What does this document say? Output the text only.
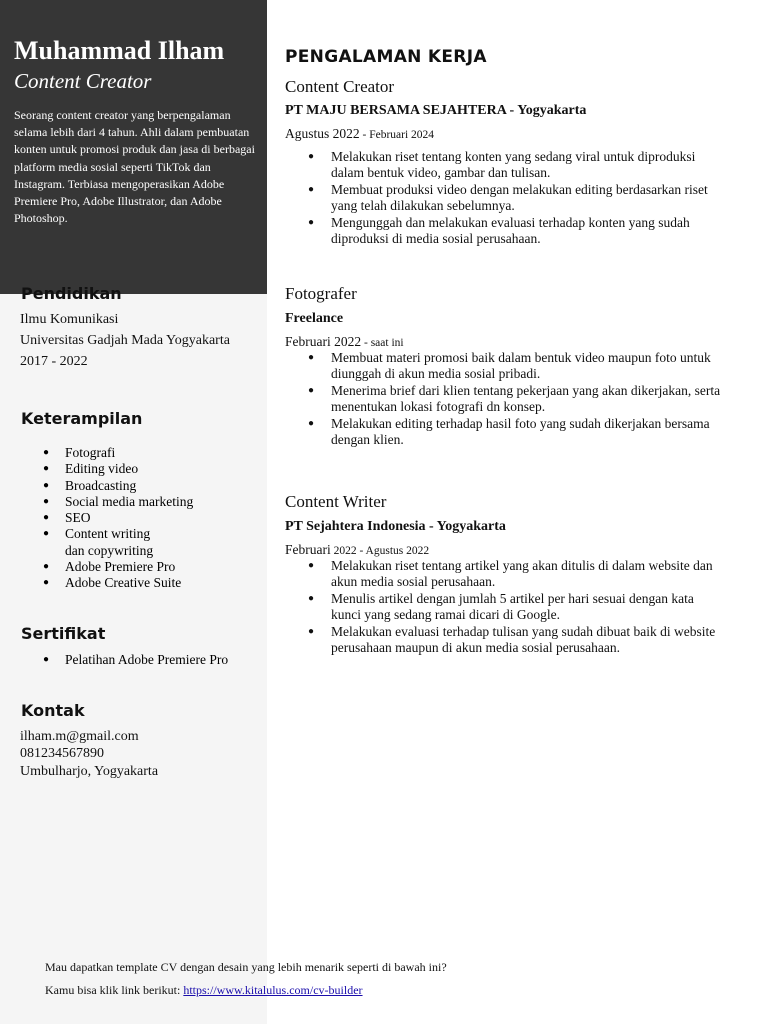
Muhammad Ilham
Content Creator
Seorang content creator yang berpengalaman selama lebih dari 4 tahun. Ahli dalam pembuatan konten untuk promosi produk dan jasa di berbagai platform media sosial seperti TikTok dan Instagram. Terbiasa mengoperasikan Adobe Premiere Pro, Adobe Illustrator, dan Adobe Photoshop.
Pendidikan
Ilmu Komunikasi
Universitas Gadjah Mada Yogyakarta
2017 - 2022
Keterampilan
● Fotografi
● Editing video
● Broadcasting
● Social media marketing
● SEO
● Content writing dan copywriting
● Adobe Premiere Pro
● Adobe Creative Suite
Sertifikat
● Pelatihan Adobe Premiere Pro
Kontak
ilham.m@gmail.com
081234567890
Umbulharjo, Yogyakarta
PENGALAMAN KERJA
Content Creator
PT MAJU BERSAMA SEJAHTERA - Yogyakarta
Agustus 2022 - Februari 2024
● Melakukan riset tentang konten yang sedang viral untuk diproduksi dalam bentuk video, gambar dan tulisan.
● Membuat produksi video dengan melakukan editing berdasarkan riset yang telah dilakukan sebelumnya.
● Mengunggah dan melakukan evaluasi terhadap konten yang sudah diproduksi di media sosial perusahaan.
Fotografer
Freelance
Februari 2022 - saat ini
● Membuat materi promosi baik dalam bentuk video maupun foto untuk diunggah di akun media sosial pribadi.
● Menerima brief dari klien tentang pekerjaan yang akan dikerjakan, serta menentukan lokasi fotografi dn konsep.
● Melakukan editing terhadap hasil foto yang sudah dikerjakan bersama dengan klien.
Content Writer
PT Sejahtera Indonesia - Yogyakarta
Februari 2022 - Agustus 2022
● Melakukan riset tentang artikel yang akan ditulis di dalam website dan akun media sosial perusahaan.
● Menulis artikel dengan jumlah 5 artikel per hari sesuai dengan kata kunci yang sedang ramai dicari di Google.
● Melakukan evaluasi terhadap tulisan yang sudah dibuat baik di website perusahaan maupun di akun media sosial perusahaan.
Mau dapatkan template CV dengan desain yang lebih menarik seperti di bawah ini?
Kamu bisa klik link berikut: https://www.kitalulus.com/cv-builder
